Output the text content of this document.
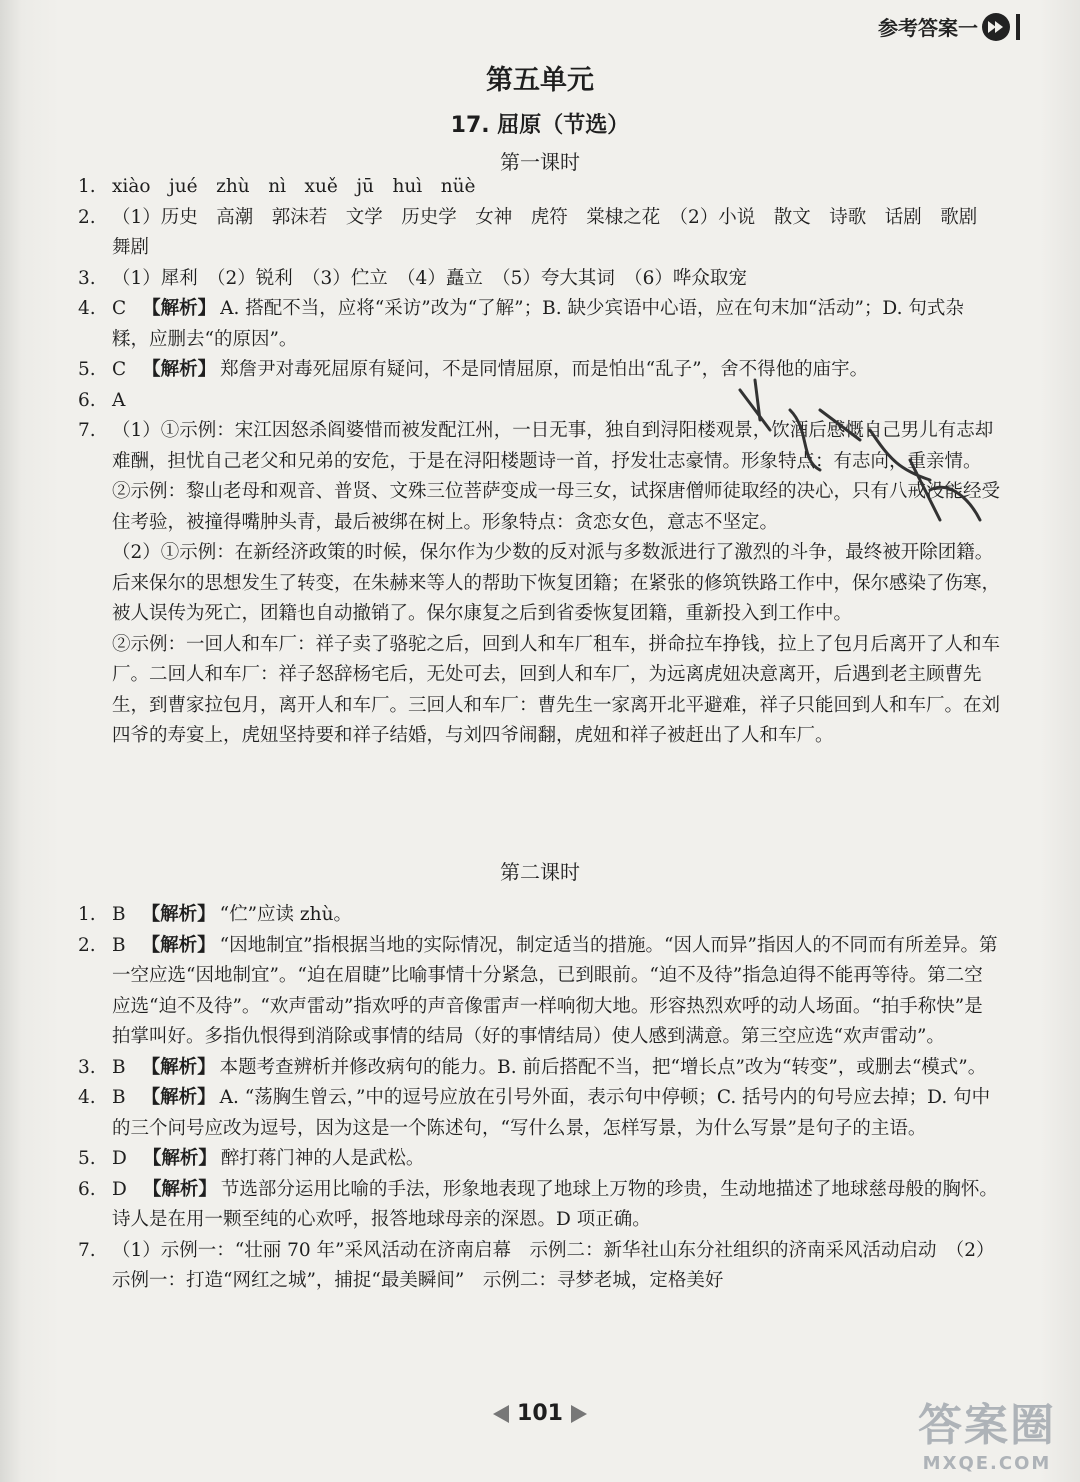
参考答案一
第五单元
17. 屈原（节选）
第一课时
1. xiào　jué　zhù　nì　xuě　jū　huì　nüè
2. （1）历史　高潮　郭沫若　文学　历史学　女神　虎符　棠棣之花　（2）小说　散文　诗歌　话剧　歌剧　舞剧
3. （1）犀利　（2）锐利　（3）伫立　（4）矗立　（5）夸大其词　（6）哗众取宠
4. C 【解析】 A. 搭配不当，应将“采访”改为“了解”；B. 缺少宾语中心语，应在句末加“活动”；D. 句式杂糅，应删去“的原因”。
5. C 【解析】 郑詹尹对毒死屈原有疑问，不是同情屈原，而是怕出“乱子”，舍不得他的庙宇。
6. A
7. （1）①示例：宋江因怒杀阎婆惜而被发配江州，一日无事，独自到浔阳楼观景，饮酒后感慨自己男儿有志却难酬，担忧自己老父和兄弟的安危，于是在浔阳楼题诗一首，抒发壮志豪情。形象特点：有志向，重亲情。

②示例：黎山老母和观音、普贤、文殊三位菩萨变成一母三女，试探唐僧师徒取经的决心，只有八戒没能经受住考验，被撞得嘴肿头青，最后被绑在树上。形象特点：贪恋女色，意志不坚定。

（2）①示例：在新经济政策的时候，保尔作为少数的反对派与多数派进行了激烈的斗争，最终被开除团籍。后来保尔的思想发生了转变，在朱赫来等人的帮助下恢复团籍；在紧张的修筑铁路工作中，保尔感染了伤寒，被人误传为死亡，团籍也自动撤销了。保尔康复之后到省委恢复团籍，重新投入到工作中。

②示例：一回人和车厂：祥子卖了骆驼之后，回到人和车厂租车，拼命拉车挣钱，拉上了包月后离开了人和车厂。二回人和车厂：祥子怒辞杨宅后，无处可去，回到人和车厂，为远离虎妞决意离开，后遇到老主顾曹先生，到曹家拉包月，离开人和车厂。三回人和车厂：曹先生一家离开北平避难，祥子只能回到人和车厂。在刘四爷的寿宴上，虎妞坚持要和祥子结婚，与刘四爷闹翻，虎妞和祥子被赶出了人和车厂。

第二课时
1. B 【解析】 “伫”应读 zhù。
2. B 【解析】 “因地制宜”指根据当地的实际情况，制定适当的措施。“因人而异”指因人的不同而有所差异。第一空应选“因地制宜”。“迫在眉睫”比喻事情十分紧急，已到眼前。“迫不及待”指急迫得不能再等待。第二空应选“迫不及待”。“欢声雷动”指欢呼的声音像雷声一样响彻大地。形容热烈欢呼的动人场面。“拍手称快”是拍掌叫好。多指仇恨得到消除或事情的结局（好的事情结局）使人感到满意。第三空应选“欢声雷动”。
3. B 【解析】 本题考查辨析并修改病句的能力。B. 前后搭配不当，把“增长点”改为“转变”，或删去“模式”。
4. B 【解析】 A. “荡胸生曾云，”中的逗号应放在引号外面，表示句中停顿；C. 括号内的句号应去掉；D. 句中的三个问号应改为逗号，因为这是一个陈述句，“写什么景，怎样写景，为什么写景”是句子的主语。
5. D 【解析】 醉打蒋门神的人是武松。
6. D 【解析】 节选部分运用比喻的手法，形象地表现了地球上万物的珍贵，生动地描述了地球慈母般的胸怀。诗人是在用一颗至纯的心欢呼，报答地球母亲的深恩。D 项正确。
7. （1）示例一：“壮丽 70 年”采风活动在济南启幕　示例二：新华社山东分社组织的济南采风活动启动　（2）示例一：打造“网红之城”，捕捉“最美瞬间”　示例二：寻梦老城，定格美好
101	答案圈
MXQE.COM
